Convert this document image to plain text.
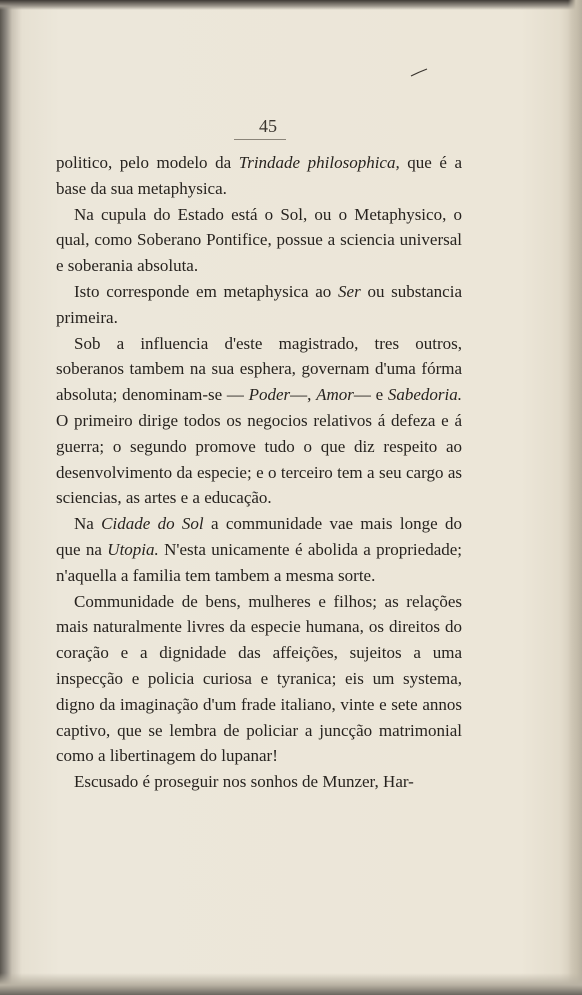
45

politico, pelo modelo da Trindade philosophica, que é a base da sua metaphysica.

Na cupula do Estado está o Sol, ou o Metaphysico, o qual, como Soberano Pontifice, possue a sciencia universal e soberania absoluta.

Isto corresponde em metaphysica ao Ser ou substancia primeira.

Sob a influencia d'este magistrado, tres outros, soberanos tambem na sua esphera, governam d'uma fórma absoluta; denominam-se — Poder—, Amor— e Sabedoria. O primeiro dirige todos os negocios relativos á defeza e á guerra; o segundo promove tudo o que diz respeito ao desenvolvimento da especie; e o terceiro tem a seu cargo as sciencias, as artes e a educação.

Na Cidade do Sol a communidade vae mais longe do que na Utopia. N'esta unicamente é abolida a propriedade; n'aquella a familia tem tambem a mesma sorte.

Communidade de bens, mulheres e filhos; as relações mais naturalmente livres da especie humana, os direitos do coração e a dignidade das affeições, sujeitos a uma inspecção e policia curiosa e tyranica; eis um systema, digno da imaginação d'um frade italiano, vinte e sete annos captivo, que se lembra de policiar a juncção matrimonial como a libertinagem do lupanar!

Escusado é proseguir nos sonhos de Munzer, Har-
